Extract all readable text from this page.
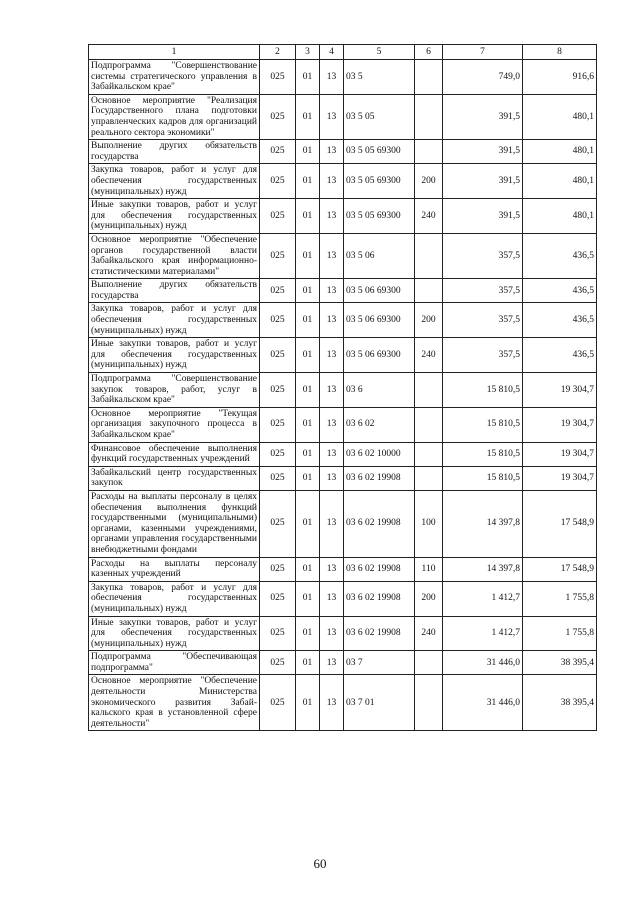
1	2	3	4	5	6	7	8
Подпрограмма "Совершенствование системы стратегического управления в Забайкальском крае"	025	01	13	03 5		749,0	916,6
Основное мероприятие "Реализация Государственного плана подготовки управленческих кадров для организаций реального сектора экономики"	025	01	13	03 5 05		391,5	480,1
Выполнение других обязательств государства	025	01	13	03 5 05 69300		391,5	480,1
Закупка товаров, работ и услуг для обеспечения государственных (муниципальных) нужд	025	01	13	03 5 05 69300	200	391,5	480,1
Иные закупки товаров, работ и услуг для обеспечения государственных (муниципальных) нужд	025	01	13	03 5 05 69300	240	391,5	480,1
Основное мероприятие "Обеспечение органов государственной власти Забайкальского края информационно-статистическими материалами"	025	01	13	03 5 06		357,5	436,5
Выполнение других обязательств государства	025	01	13	03 5 06 69300		357,5	436,5
Закупка товаров, работ и услуг для обеспечения государственных (муниципальных) нужд	025	01	13	03 5 06 69300	200	357,5	436,5
Иные закупки товаров, работ и услуг для обеспечения государственных (муниципальных) нужд	025	01	13	03 5 06 69300	240	357,5	436,5
Подпрограмма "Совершенствование закупок товаров, работ, услуг в Забайкальском крае"	025	01	13	03 6		15 810,5	19 304,7
Основное мероприятие "Текущая организация закупочного процесса в Забайкальском крае"	025	01	13	03 6 02		15 810,5	19 304,7
Финансовое обеспечение выполнения функций государственных учреждений	025	01	13	03 6 02 10000		15 810,5	19 304,7
Забайкальский центр государственных закупок	025	01	13	03 6 02 19908		15 810,5	19 304,7
Расходы на выплаты персоналу в целях обеспечения выполнения функций государственными (муниципальными) органами, казенными учреждениями, органами управления государственными внебюджетными фондами	025	01	13	03 6 02 19908	100	14 397,8	17 548,9
Расходы на выплаты персоналу казенных учреждений	025	01	13	03 6 02 19908	110	14 397,8	17 548,9
Закупка товаров, работ и услуг для обеспечения государственных (муниципальных) нужд	025	01	13	03 6 02 19908	200	1 412,7	1 755,8
Иные закупки товаров, работ и услуг для обеспечения государственных (муниципальных) нужд	025	01	13	03 6 02 19908	240	1 412,7	1 755,8
Подпрограмма "Обеспечивающая подпрограмма"	025	01	13	03 7		31 446,0	38 395,4
Основное мероприятие "Обеспечение деятельности Министерства экономического развития Забайкальского края в установленной сфере деятельности"	025	01	13	03 7 01		31 446,0	38 395,4
60
